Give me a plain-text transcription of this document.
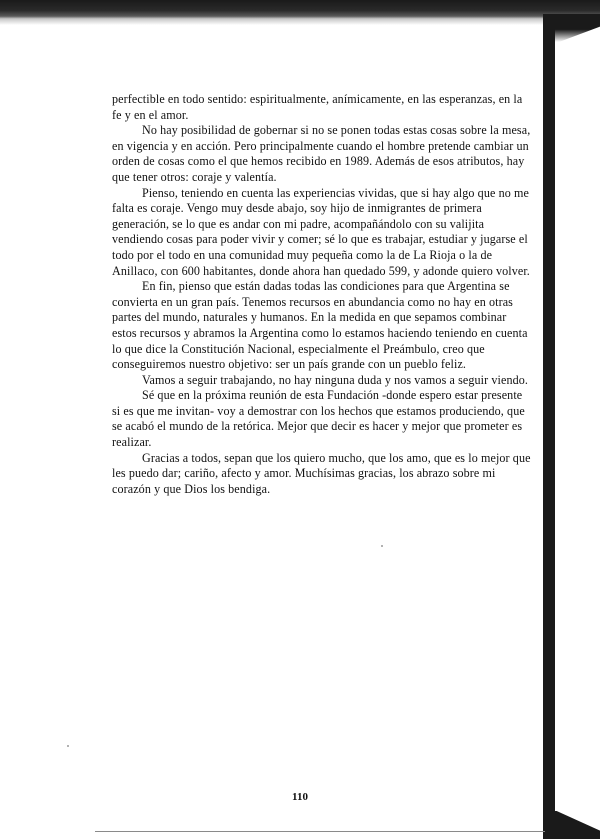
perfectible en todo sentido: espiritualmente, anímicamente, en las esperanzas, en la fe y en el amor.

No hay posibilidad de gobernar si no se ponen todas estas cosas sobre la mesa, en vigencia y en acción. Pero principalmente cuando el hombre pretende cambiar un orden de cosas como el que hemos recibido en 1989. Además de esos atributos, hay que tener otros: coraje y valentía.

Pienso, teniendo en cuenta las experiencias vividas, que si hay algo que no me falta es coraje. Vengo muy desde abajo, soy hijo de inmigrantes de primera generación, se lo que es andar con mi padre, acompañándolo con su valijita vendiendo cosas para poder vivir y comer; sé lo que es trabajar, estudiar y jugarse el todo por el todo en una comunidad muy pequeña como la de La Rioja o la de Anillaco, con 600 habitantes, donde ahora han quedado 599, y adonde quiero volver.

En fin, pienso que están dadas todas las condiciones para que Argentina se convierta en un gran país. Tenemos recursos en abundancia como no hay en otras partes del mundo, naturales y humanos. En la medida en que sepamos combinar estos recursos y abramos la Argentina como lo estamos haciendo teniendo en cuenta lo que dice la Constitución Nacional, especialmente el Preámbulo, creo que conseguiremos nuestro objetivo: ser un país grande con un pueblo feliz.

Vamos a seguir trabajando, no hay ninguna duda y nos vamos a seguir viendo.

Sé que en la próxima reunión de esta Fundación -donde espero estar presente si es que me invitan- voy a demostrar con los hechos que estamos produciendo, que se acabó el mundo de la retórica. Mejor que decir es hacer y mejor que prometer es realizar.

Gracias a todos, sepan que los quiero mucho, que los amo, que es lo mejor que les puedo dar; cariño, afecto y amor. Muchísimas gracias, los abrazo sobre mi corazón y que Dios los bendiga.

110
